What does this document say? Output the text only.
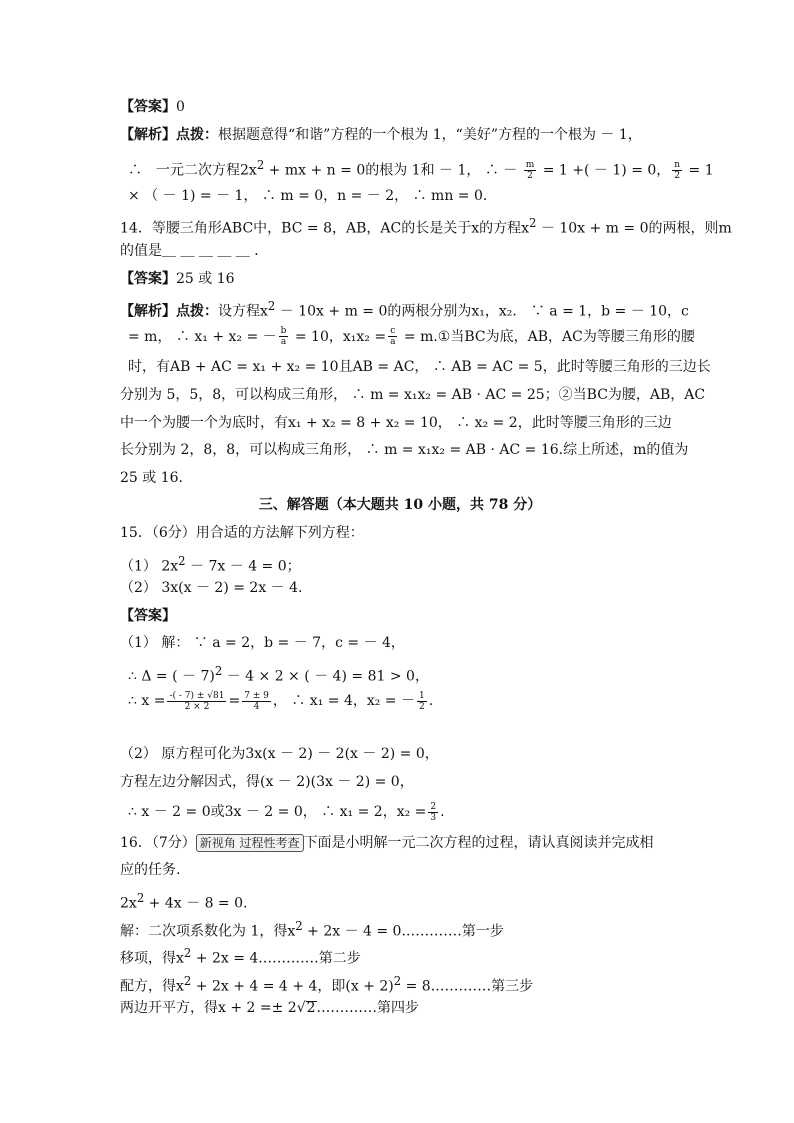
【答案】0
【解析】点拨：根据题意得“和谐”方程的一个根为 1，“美好”方程的一个根为 － 1，
∴　一元二次方程$2x^2$ + mx + n = 0的根为 1和 － 1， ∴ － $\frac{m}{2} = 1$ +( － 1) = 0， $\frac{n}{2} = 1$
× （ － 1) = － 1， ∴ m = 0，n = － 2， ∴ mn = 0.
14．等腰三角形ABC中，BC = 8，AB，AC的长是关于x的方程$x^2 - 10x + m = 0$的两根，则m
的值是＿ ＿ ＿ ＿ ＿ ．
【答案】25 或 16
【解析】点拨：设方程$x^2 - 10x + m = 0$的两根分别为x₁，x₂． ∵ a = 1，b = － 10，c
= m， ∴ x₁ + x₂ = － $\frac{b}{a} = 10$，$x_1x_2 = \frac{c}{a}$ = m.①当BC为底，AB，AC为等腰三角形的腰
时，有AB + AC = x₁ + x₂ = 10且AB = AC， ∴ AB = AC = 5，此时等腰三角形的三边长
分别为 5，5，8，可以构成三角形， ∴ m = x₁x₂ = AB · AC = 25；②当BC为腰，AB，AC
中一个为腰一个为底时，有x₁ + x₂ = 8 + x₂ = 10， ∴ x₂ = 2，此时等腰三角形的三边
长分别为 2，8，8，可以构成三角形， ∴ m = x₁x₂ = AB · AC = 16.综上所述，m的值为
25 或 16.
三、解答题（本大题共 10 小题，共 78 分）
15．（6分）用合适的方法解下列方程：
（1） $2x^2 - 7x - 4 = 0$；
（2） 3x(x － 2) = 2x － 4.
【答案】
（1） 解： ∵ a = 2，b = － 7，c = － 4，
∴ Δ = ( － 7)$^2$ － 4 × 2 × ( － 4) = 81 > 0，
∴ $x = \frac{-( - 7) \pm √81}{2 \times 2} = \frac{7 \pm 9}{4}$ ， ∴ x₁ = 4，x₂ = － $\frac{1}{2}$ .
（2） 原方程可化为3x(x － 2) － 2(x － 2) = 0，
方程左边分解因式，得(x － 2)(3x － 2) = 0，
∴ x － 2 = 0或3x － 2 = 0， ∴ x₁ = 2，$x_2 = \frac{2}{3}$ .
16．（7分） 新视角 过程性考查 下面是小明解一元二次方程的过程，请认真阅读并完成相
应的任务.
$2x^2 + 4x - 8 = 0$.
解：二次项系数化为 1，得$x^2 + 2x - 4$ = 0.…………第一步
移项，得$x^2 + 2x$ = 4.…………第二步
配方，得$x^2 + 2x + 4 = 4 + 4$，即$(x + 2)^2$ = 8.…………第三步
两边开平方，得x + 2 =± 2√2.…………第四步
